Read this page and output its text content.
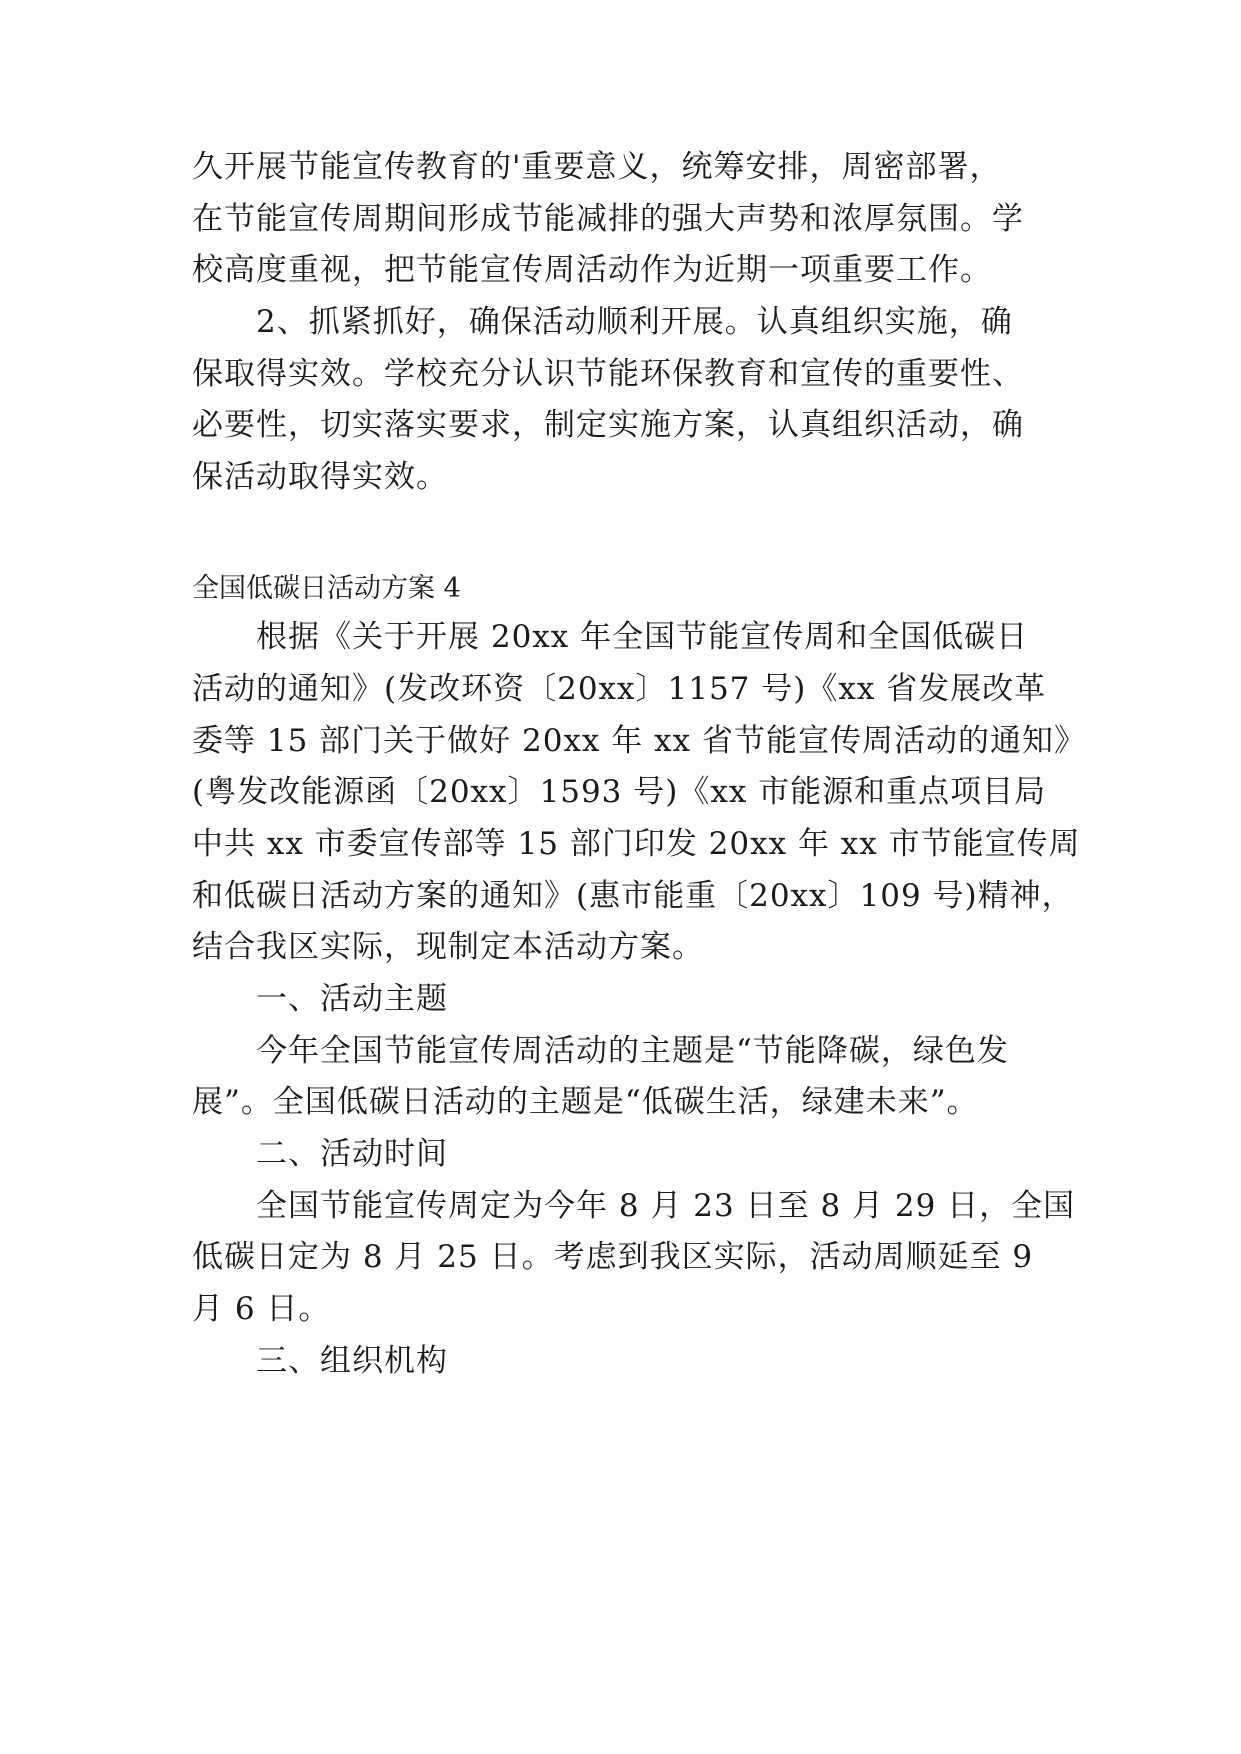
久开展节能宣传教育的'重要意义，统筹安排，周密部署，

在节能宣传周期间形成节能减排的强大声势和浓厚氛围。学

校高度重视，把节能宣传周活动作为近期一项重要工作。

　　2、抓紧抓好，确保活动顺利开展。认真组织实施，确

保取得实效。学校充分认识节能环保教育和宣传的重要性、

必要性，切实落实要求，制定实施方案，认真组织活动，确

保活动取得实效。

全国低碳日活动方案 4

　　根据《关于开展 20xx 年全国节能宣传周和全国低碳日

活动的通知》(发改环资〔20xx〕1157 号)《xx 省发展改革

委等 15 部门关于做好 20xx 年 xx 省节能宣传周活动的通知》

(粤发改能源函〔20xx〕1593 号)《xx 市能源和重点项目局

中共 xx 市委宣传部等 15 部门印发 20xx 年 xx 市节能宣传周

和低碳日活动方案的通知》(惠市能重〔20xx〕109 号)精神，

结合我区实际，现制定本活动方案。

　　一、活动主题

　　今年全国节能宣传周活动的主题是“节能降碳，绿色发

展”。全国低碳日活动的主题是“低碳生活，绿建未来”。

　　二、活动时间

　　全国节能宣传周定为今年 8 月 23 日至 8 月 29 日，全国

低碳日定为 8 月 25 日。考虑到我区实际，活动周顺延至 9

月 6 日。

　　三、组织机构
